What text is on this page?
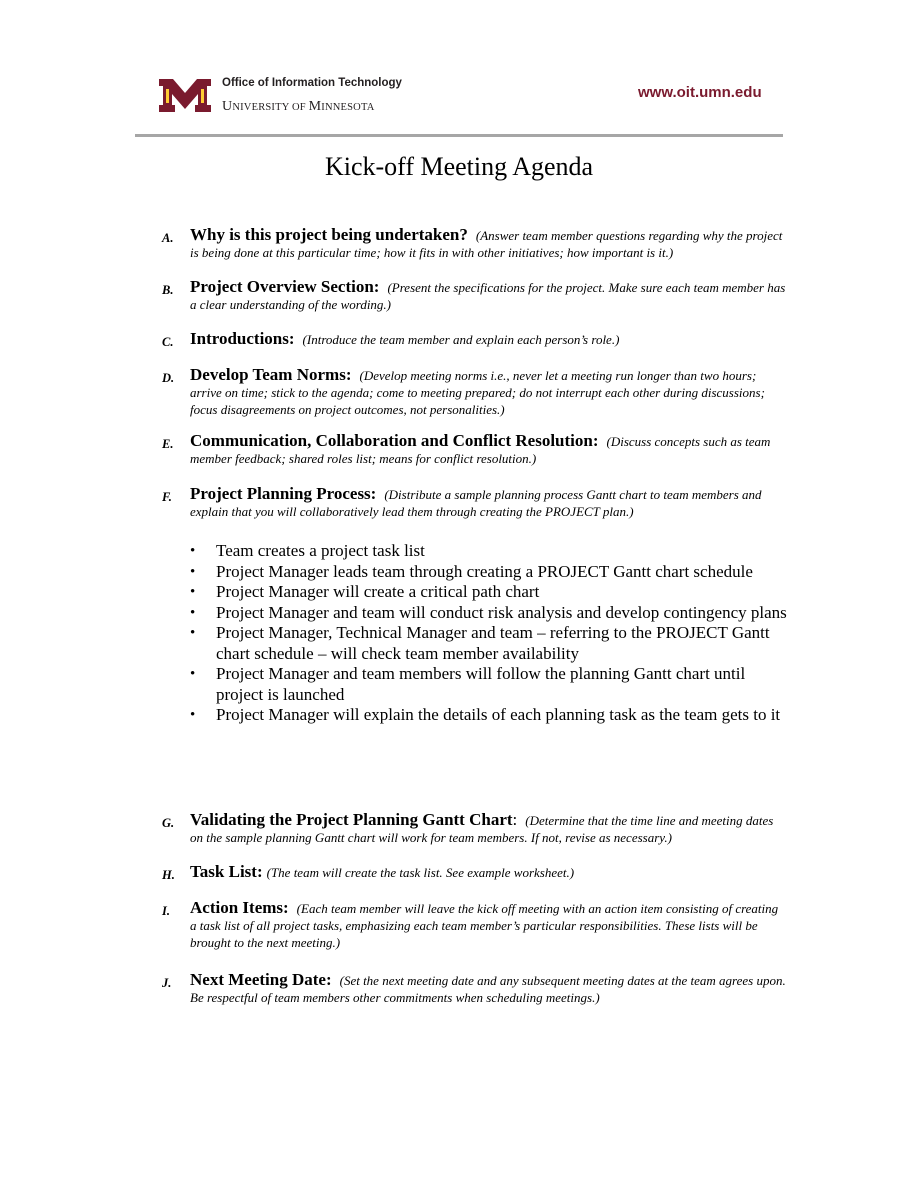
Office of Information Technology
UNIVERSITY OF MINNESOTA
www.oit.umn.edu
Kick-off Meeting Agenda
A. Why is this project being undertaken? (Answer team member questions regarding why the project is being done at this particular time; how it fits in with other initiatives; how important is it.)
B. Project Overview Section: (Present the specifications for the project. Make sure each team member has a clear understanding of the wording.)
C. Introductions: (Introduce the team member and explain each person’s role.)
D. Develop Team Norms: (Develop meeting norms i.e., never let a meeting run longer than two hours; arrive on time; stick to the agenda; come to meeting prepared; do not interrupt each other during discussions; focus disagreements on project outcomes, not personalities.)
E. Communication, Collaboration and Conflict Resolution: (Discuss concepts such as team member feedback; shared roles list; means for conflict resolution.)
F. Project Planning Process: (Distribute a sample planning process Gantt chart to team members and explain that you will collaboratively lead them through creating the PROJECT plan.)
• Team creates a project task list
• Project Manager leads team through creating a PROJECT Gantt chart schedule
• Project Manager will create a critical path chart
• Project Manager and team will conduct risk analysis and develop contingency plans
• Project Manager, Technical Manager and team – referring to the PROJECT Gantt chart schedule – will check team member availability
• Project Manager and team members will follow the planning Gantt chart until project is launched
• Project Manager will explain the details of each planning task as the team gets to it
G. Validating the Project Planning Gantt Chart: (Determine that the time line and meeting dates on the sample planning Gantt chart will work for team members. If not, revise as necessary.)
H. Task List: (The team will create the task list. See example worksheet.)
I. Action Items: (Each team member will leave the kick off meeting with an action item consisting of creating a task list of all project tasks, emphasizing each team member’s particular responsibilities. These lists will be brought to the next meeting.)
J. Next Meeting Date: (Set the next meeting date and any subsequent meeting dates at the team agrees upon. Be respectful of team members other commitments when scheduling meetings.)
